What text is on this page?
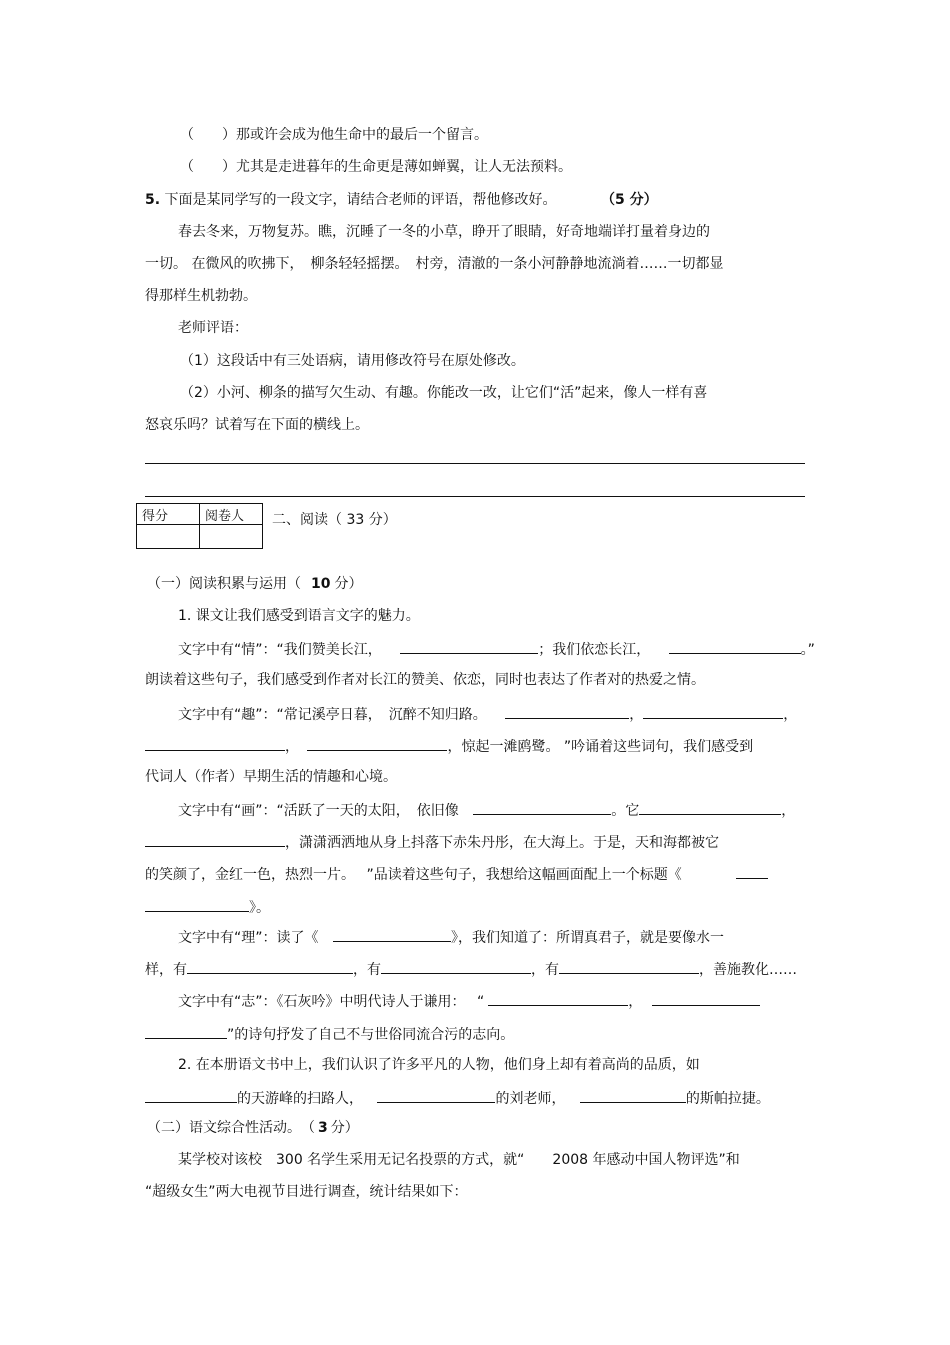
（　　）那或许会成为他生命中的最后一个留言。
（　　）尤其是走进暮年的生命更是薄如蝉翼，让人无法预料。
5. 下面是某同学写的一段文字，请结合老师的评语，帮他修改好。	（5 分）
春去冬来，万物复苏。瞧，沉睡了一冬的小草，睁开了眼睛，好奇地端详打量着身边的
一切。 在微风的吹拂下，　柳条轻轻摇摆。　村旁，清澈的一条小河静静地流淌着……一切都显
得那样生机勃勃。
老师评语：
（1）这段话中有三处语病，请用修改符号在原处修改。
（2）小河、柳条的描写欠生动、有趣。你能改一改，让它们“活”起来，像人一样有喜
怒哀乐吗？试着写在下面的横线上。
得分	阅卷人
	二、阅读（ 33 分）
（一）阅读积累与运用（ 10 分）
1. 课文让我们感受到语言文字的魅力。
文字中有“情”：“我们赞美长江，	；我们依恋长江，	。”
朗读着这些句子，我们感受到作者对长江的赞美、依恋，同时也表达了作者对的热爱之情。
文字中有“趣”：“常记溪亭日暮，　沉醉不知归路。	，	，
，	，惊起一滩鸥鹭。 ”吟诵着这些词句，我们感受到
代词人（作者）早期生活的情趣和心境。
文字中有“画”：“活跃了一天的太阳，　依旧像	。它	，
，潇潇洒洒地从身上抖落下赤朱丹彤，在大海上。于是，天和海都被它
的笑颜了，金红一色，热烈一片。　 ”品读着这些句子，我想给这幅画面配上一个标题《
》。
文字中有“理”：读了《	》，我们知道了：所谓真君子，就是要像水一
样，有	，有	，有	，善施教化……
文字中有“志”：《石灰吟》中明代诗人于谦用：　 “	，
”的诗句抒发了自己不与世俗同流合污的志向。
2. 在本册语文书中上，我们认识了许多平凡的人物，他们身上却有着高尚的品质，如
的天游峰的扫路人，	的刘老师，	的斯帕拉捷。
（二）语文综合性活动。　（ 3 分）
某学校对该校　300 名学生采用无记名投票的方式，就“　　2008 年感动中国人物评选”和
“超级女生”两大电视节目进行调查，统计结果如下：
